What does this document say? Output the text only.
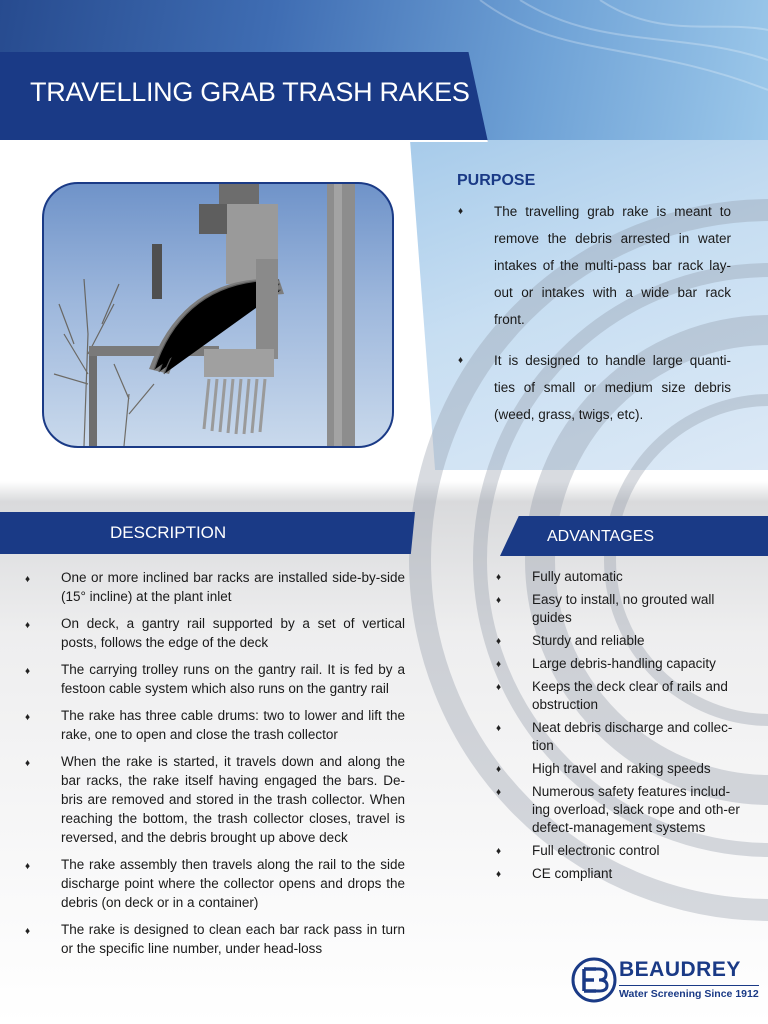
TRAVELLING GRAB TRASH RAKES
PURPOSE
♦ The travelling grab rake is meant to remove the debris arrested in water intakes of the multi-pass bar rack lay-out or intakes with a wide bar rack front.
♦ It is designed to handle large quanti-ties of small or medium size debris (weed, grass, twigs, etc).
DESCRIPTION	ADVANTAGES
♦ One or more inclined bar racks are installed side-by-side (15° incline) at the plant inlet
♦ On deck, a gantry rail supported by a set of vertical posts, follows the edge of the deck
♦ The carrying trolley runs on the gantry rail. It is fed by a festoon cable system which also runs on the gantry rail
♦ The rake has three cable drums: two to lower and lift the rake, one to open and close the trash collector
♦ When the rake is started, it travels down and along the bar racks, the rake itself having engaged the bars. De-bris are removed and stored in the trash collector. When reaching the bottom, the trash collector closes, travel is reversed, and the debris brought up above deck
♦ The rake assembly then travels along the rail to the side discharge point where the collector opens and drops the debris (on deck or in a container)
♦ The rake is designed to clean each bar rack pass in turn or the specific line number, under head-loss
♦ Fully automatic
♦ Easy to install, no grouted wall guides
♦ Sturdy and reliable
♦ Large debris-handling capacity
♦ Keeps the deck clear of rails and obstruction
♦ Neat debris discharge and collec-tion
♦ High travel and raking speeds
♦ Numerous safety features includ-ing overload, slack rope and oth-er defect-management systems
♦ Full electronic control
♦ CE compliant
BEAUDREY
Water Screening Since 1912
